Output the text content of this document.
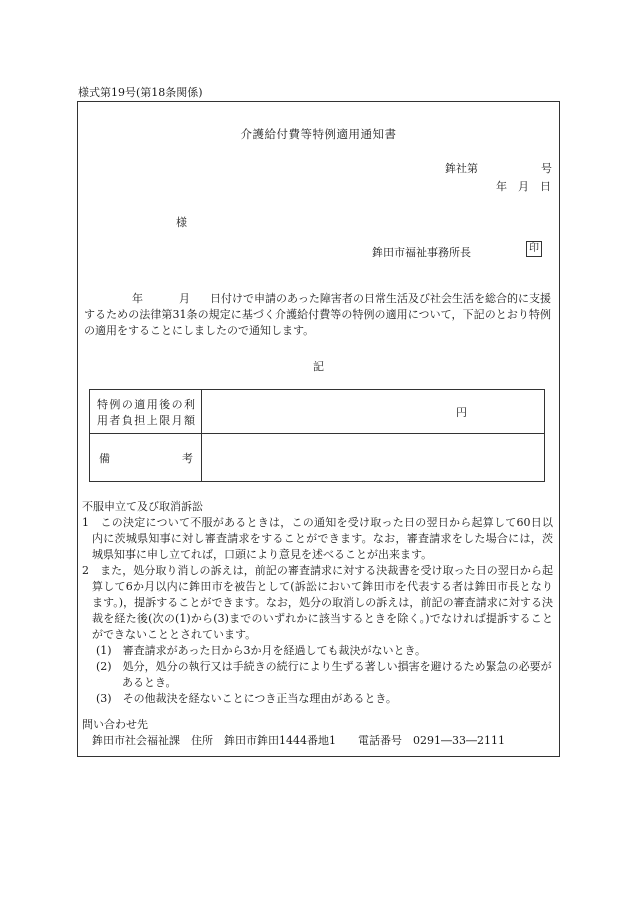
様式第19号(第18条関係)
介護給付費等特例適用通知書
鉾社第	号
年　月　日
様
鉾田市福祉事務所長	印
年	月 日付けで申請のあった障害者の日常生活及び社会生活を総合的に支援するための法律第31条の規定に基づく介護給付費等の特例の適用について，下記のとおり特例の適用をすることにしましたので通知します。
記
特例の適用後の利用者負担上限月額	円

備 考	

不服申立て及び取消訴訟
1　この決定について不服があるときは，この通知を受け取った日の翌日から起算して60日以内に茨城県知事に対し審査請求をすることができます。なお，審査請求をした場合には，茨城県知事に申し立てれば，口頭により意見を述べることが出来ます。
2　また，処分取り消しの訴えは，前記の審査請求に対する決裁書を受け取った日の翌日から起算して6か月以内に鉾田市を被告として(訴訟において鉾田市を代表する者は鉾田市長となります。)，提訴することができます。なお，処分の取消しの訴えは，前記の審査請求に対する決裁を経た後(次の(1)から(3)までのいずれかに該当するときを除く。)でなければ提訴することができないこととされています。
(1)　審査請求があった日から3か月を経過しても裁決がないとき。
(2)　処分，処分の執行又は手続きの続行により生ずる著しい損害を避けるため緊急の必要があるとき。
(3)　その他裁決を経ないことにつき正当な理由があるとき。
問い合わせ先
鉾田市社会福祉課　住所　鉾田市鉾田1444番地1　　電話番号　0291―33―2111
